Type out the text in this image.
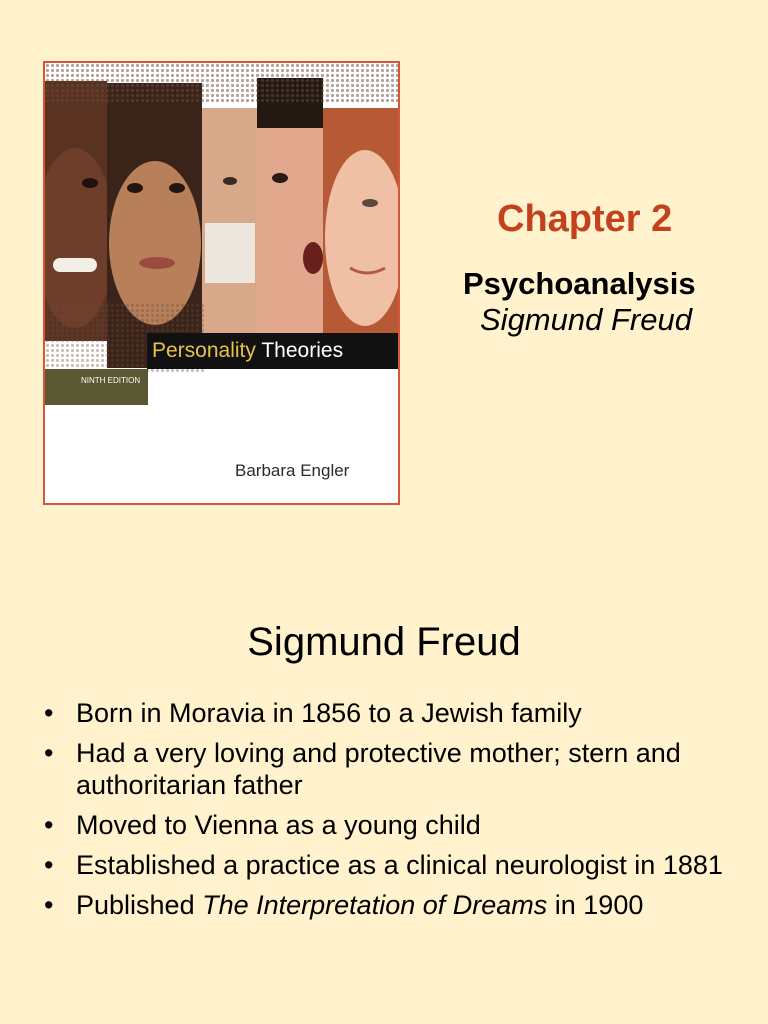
Personality Theories
NINTH EDITION
Barbara Engler
Chapter 2
Psychoanalysis
Sigmund Freud
Sigmund Freud
• Born in Moravia in 1856 to a Jewish family
• Had a very loving and protective mother; stern and authoritarian father
• Moved to Vienna as a young child
• Established a practice as a clinical neurologist in 1881
• Published The Interpretation of Dreams in 1900
